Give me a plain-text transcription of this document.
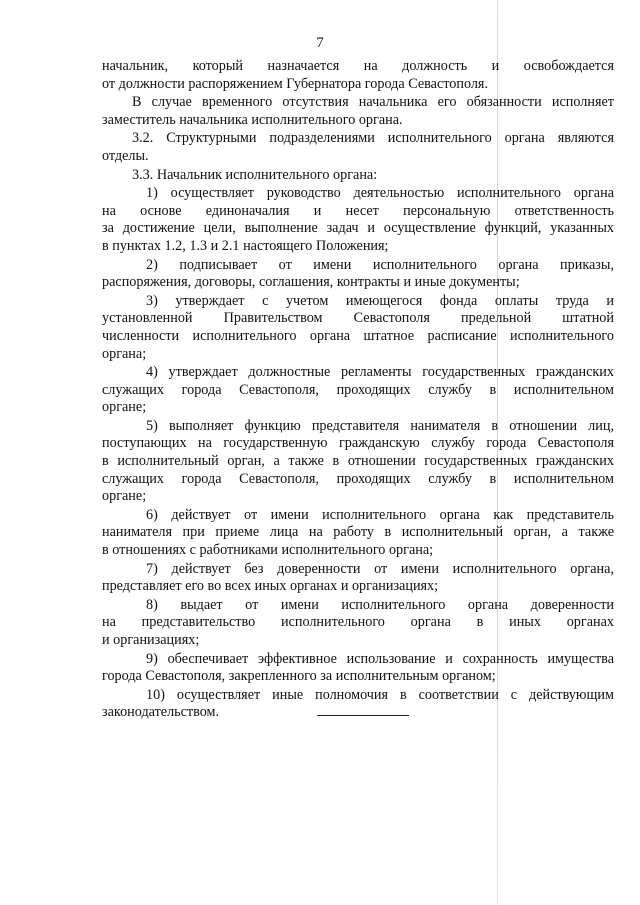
7
начальник, который назначается на должность и освобождается
от должности распоряжением Губернатора города Севастополя.
В случае временного отсутствия начальника его обязанности исполняет
заместитель начальника исполнительного органа.
3.2. Структурными подразделениями исполнительного органа являются
отделы.
3.3. Начальник исполнительного органа:
1) осуществляет руководство деятельностью исполнительного органа
на основе единоначалия и несет персональную ответственность
за достижение цели, выполнение задач и осуществление функций, указанных
в пунктах 1.2, 1.3 и 2.1 настоящего Положения;
2) подписывает от имени исполнительного органа приказы,
распоряжения, договоры, соглашения, контракты и иные документы;
3) утверждает с учетом имеющегося фонда оплаты труда и
установленной Правительством Севастополя предельной штатной
численности исполнительного органа штатное расписание исполнительного
органа;
4) утверждает должностные регламенты государственных гражданских
служащих города Севастополя, проходящих службу в исполнительном
органе;
5) выполняет функцию представителя нанимателя в отношении лиц,
поступающих на государственную гражданскую службу города Севастополя
в исполнительный орган, а также в отношении государственных гражданских
служащих города Севастополя, проходящих службу в исполнительном
органе;
6) действует от имени исполнительного органа как представитель
нанимателя при приеме лица на работу в исполнительный орган, а также
в отношениях с работниками исполнительного органа;
7) действует без доверенности от имени исполнительного органа,
представляет его во всех иных органах и организациях;
8) выдает от имени исполнительного органа доверенности
на представительство исполнительного органа в иных органах
и организациях;
9) обеспечивает эффективное использование и сохранность имущества
города Севастополя, закрепленного за исполнительным органом;
10) осуществляет иные полномочия в соответствии с действующим
законодательством.
